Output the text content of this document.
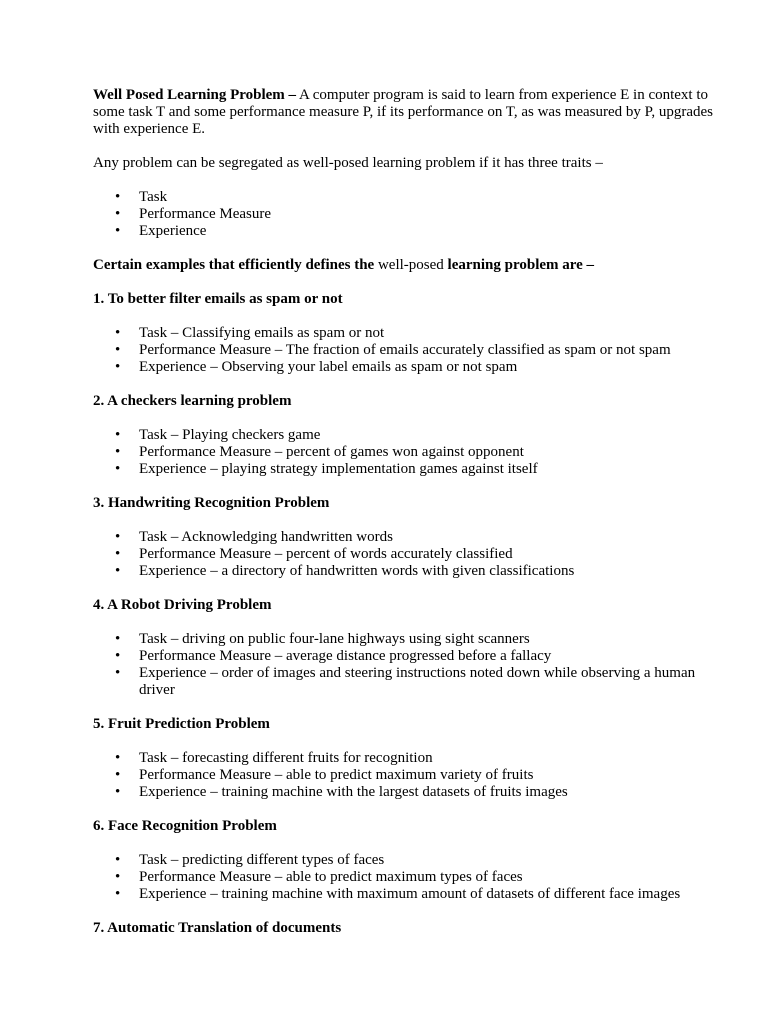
Well Posed Learning Problem – A computer program is said to learn from experience E in context to some task T and some performance measure P, if its performance on T, as was measured by P, upgrades with experience E.

Any problem can be segregated as well-posed learning problem if it has three traits –

• Task
• Performance Measure
• Experience

Certain examples that efficiently defines the well-posed learning problem are –

1. To better filter emails as spam or not
• Task – Classifying emails as spam or not
• Performance Measure – The fraction of emails accurately classified as spam or not spam
• Experience – Observing your label emails as spam or not spam
2. A checkers learning problem
• Task – Playing checkers game
• Performance Measure – percent of games won against opponent
• Experience – playing strategy implementation games against itself
3. Handwriting Recognition Problem
• Task – Acknowledging handwritten words
• Performance Measure – percent of words accurately classified
• Experience – a directory of handwritten words with given classifications
4. A Robot Driving Problem
• Task – driving on public four-lane highways using sight scanners
• Performance Measure – average distance progressed before a fallacy
• Experience – order of images and steering instructions noted down while observing a human driver
5. Fruit Prediction Problem
• Task – forecasting different fruits for recognition
• Performance Measure – able to predict maximum variety of fruits
• Experience – training machine with the largest datasets of fruits images
6. Face Recognition Problem
• Task – predicting different types of faces
• Performance Measure – able to predict maximum types of faces
• Experience – training machine with maximum amount of datasets of different face images
7. Automatic Translation of documents
